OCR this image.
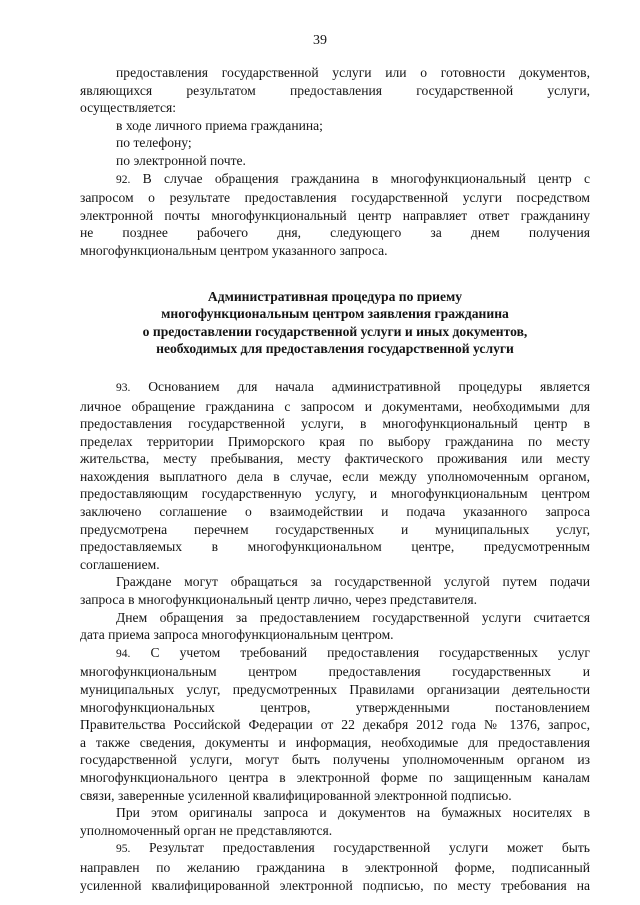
39
предоставления государственной услуги или о готовности документов,
являющихся результатом предоставления государственной услуги,
осуществляется:
в ходе личного приема гражданина;
по телефону;
по электронной почте.
92. В случае обращения гражданина в многофункциональный центр с
запросом о результате предоставления государственной услуги посредством
электронной почты многофункциональный центр направляет ответ гражданину
не позднее рабочего дня, следующего за днем получения
многофункциональным центром указанного запроса.
Административная процедура по приему
многофункциональным центром заявления гражданина
о предоставлении государственной услуги и иных документов,
необходимых для предоставления государственной услуги
93. Основанием для начала административной процедуры является
личное обращение гражданина с запросом и документами, необходимыми для
предоставления государственной услуги, в многофункциональный центр в
пределах территории Приморского края по выбору гражданина по месту
жительства, месту пребывания, месту фактического проживания или месту
нахождения выплатного дела в случае, если между уполномоченным органом,
предоставляющим государственную услугу, и многофункциональным центром
заключено соглашение о взаимодействии и подача указанного запроса
предусмотрена перечнем государственных и муниципальных услуг,
предоставляемых в многофункциональном центре, предусмотренным
соглашением.
Граждане могут обращаться за государственной услугой путем подачи
запроса в многофункциональный центр лично, через представителя.
Днем обращения за предоставлением государственной услуги считается
дата приема запроса многофункциональным центром.
94. С учетом требований предоставления государственных услуг
многофункциональным центром предоставления государственных и
муниципальных услуг, предусмотренных Правилами организации деятельности
многофункциональных центров, утвержденными постановлением
Правительства Российской Федерации от 22 декабря 2012 года № 1376, запрос,
а также сведения, документы и информация, необходимые для предоставления
государственной услуги, могут быть получены уполномоченным органом из
многофункционального центра в электронной форме по защищенным каналам
связи, заверенные усиленной квалифицированной электронной подписью.
При этом оригиналы запроса и документов на бумажных носителях в
уполномоченный орган не представляются.
95. Результат предоставления государственной услуги может быть
направлен по желанию гражданина в электронной форме, подписанный
усиленной квалифицированной электронной подписью, по месту требования на
